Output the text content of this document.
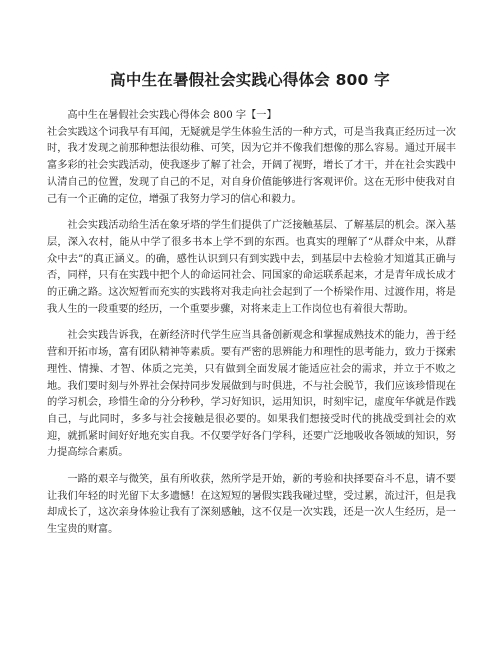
高中生在暑假社会实践心得体会 800 字

高中生在暑假社会实践心得体会 800 字【一】

社会实践这个词我早有耳闻，无疑就是学生体验生活的一种方式，可是当我真正经历过一次时，我才发现之前那种想法很幼稚、可笑，因为它并不像我们想像的那么容易。通过开展丰富多彩的社会实践活动，使我逐步了解了社会，开阔了视野，增长了才干，并在社会实践中认清自己的位置，发现了自己的不足，对自身价值能够进行客观评价。这在无形中使我对自己有一个正确的定位，增强了我努力学习的信心和毅力。

社会实践活动给生活在象牙塔的学生们提供了广泛接触基层、了解基层的机会。深入基层，深入农村，能从中学了很多书本上学不到的东西。也真实的理解了“从群众中来，从群众中去”的真正涵义。的确，感性认识到只有到实践中去，到基层中去检验才知道其正确与否，同样，只有在实践中把个人的命运同社会、同国家的命运联系起来，才是青年成长成才的正确之路。这次短暂而充实的实践将对我走向社会起到了一个桥梁作用、过渡作用，将是我人生的一段重要的经历，一个重要步骤，对将来走上工作岗位也有着很大帮助。

社会实践告诉我，在新经济时代学生应当具备创新观念和掌握成熟技术的能力，善于经营和开拓市场，富有团队精神等素质。要有严密的思辨能力和理性的思考能力，致力于探索理性、情操、才智、体质之完美，只有做到全面发展才能适应社会的需求，并立于不败之地。我们要时刻与外界社会保持同步发展做到与时俱进，不与社会脱节，我们应该珍惜现在的学习机会，珍惜生命的分分秒秒，学习好知识，运用知识，时刻牢记，虚度年华就是作践自己，与此同时，多多与社会接触是很必要的。如果我们想接受时代的挑战受到社会的欢迎，就抓紧时间好好地充实自我。不仅要学好各门学科，还要广泛地吸收各领域的知识，努力提高综合素质。

一路的艰辛与微笑，虽有所收获，然所学是开始，新的考验和抉择要奋斗不息，请不要让我们年轻的时光留下太多遗憾！在这短短的暑假实践我碰过壁，受过累，流过汗，但是我却成长了，这次亲身体验让我有了深刻感触，这不仅是一次实践，还是一次人生经历，是一生宝贵的财富。
